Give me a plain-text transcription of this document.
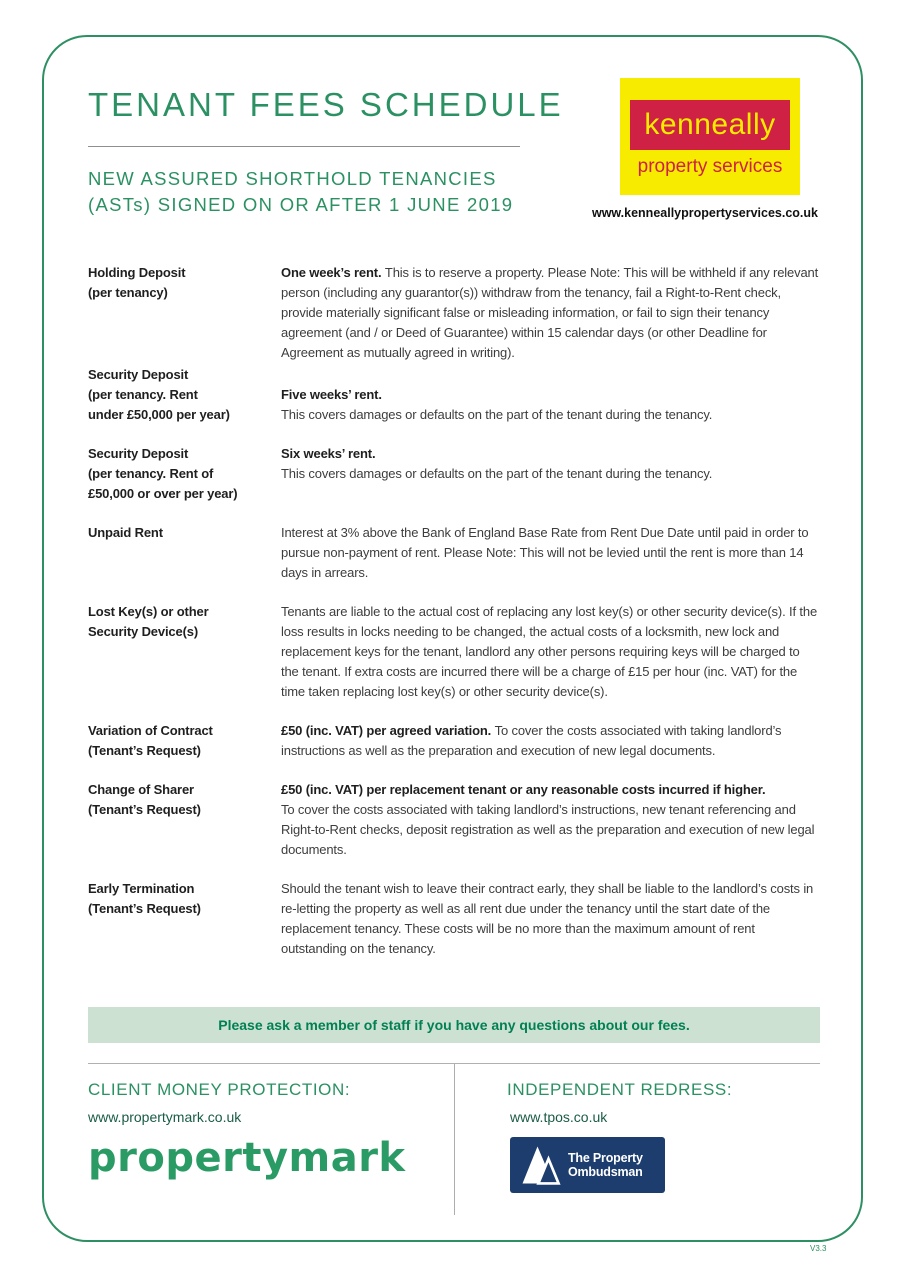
TENANT FEES SCHEDULE
NEW ASSURED SHORTHOLD TENANCIES
(ASTs) SIGNED ON OR AFTER 1 JUNE 2019
kenneally
property services
www.kenneallypropertyservices.co.uk
Holding Deposit
(per tenancy)
One week’s rent. This is to reserve a property. Please Note: This will be withheld if any relevant person (including any guarantor(s)) withdraw from the tenancy, fail a Right-to-Rent check, provide materially significant false or misleading information, or fail to sign their tenancy agreement (and / or Deed of Guarantee) within 15 calendar days (or other Deadline for Agreement as mutually agreed in writing).
Security Deposit
(per tenancy. Rent
under £50,000 per year)
Five weeks’ rent.
This covers damages or defaults on the part of the tenant during the tenancy.
Security Deposit
(per tenancy. Rent of
£50,000 or over per year)
Six weeks’ rent.
This covers damages or defaults on the part of the tenant during the tenancy.
Unpaid Rent	Interest at 3% above the Bank of England Base Rate from Rent Due Date until paid in order to pursue non-payment of rent. Please Note: This will not be levied until the rent is more than 14 days in arrears.
Lost Key(s) or other
Security Device(s)
Tenants are liable to the actual cost of replacing any lost key(s) or other security device(s). If the loss results in locks needing to be changed, the actual costs of a locksmith, new lock and replacement keys for the tenant, landlord any other persons requiring keys will be charged to the tenant. If extra costs are incurred there will be a charge of £15 per hour (inc. VAT) for the time taken replacing lost key(s) or other security device(s).
Variation of Contract
(Tenant’s Request)
£50 (inc. VAT) per agreed variation. To cover the costs associated with taking landlord’s instructions as well as the preparation and execution of new legal documents.
Change of Sharer
(Tenant’s Request)
£50 (inc. VAT) per replacement tenant or any reasonable costs incurred if higher.
To cover the costs associated with taking landlord’s instructions, new tenant referencing and Right-to-Rent checks, deposit registration as well as the preparation and execution of new legal documents.
Early Termination
(Tenant’s Request)
Should the tenant wish to leave their contract early, they shall be liable to the landlord’s costs in re-letting the property as well as all rent due under the tenancy until the start date of the replacement tenancy. These costs will be no more than the maximum amount of rent outstanding on the tenancy.
Please ask a member of staff if you have any questions about our fees.
CLIENT MONEY PROTECTION:
www.propertymark.co.uk
propertymark
INDEPENDENT REDRESS:
www.tpos.co.uk
The Property
Ombudsman
V3.3
